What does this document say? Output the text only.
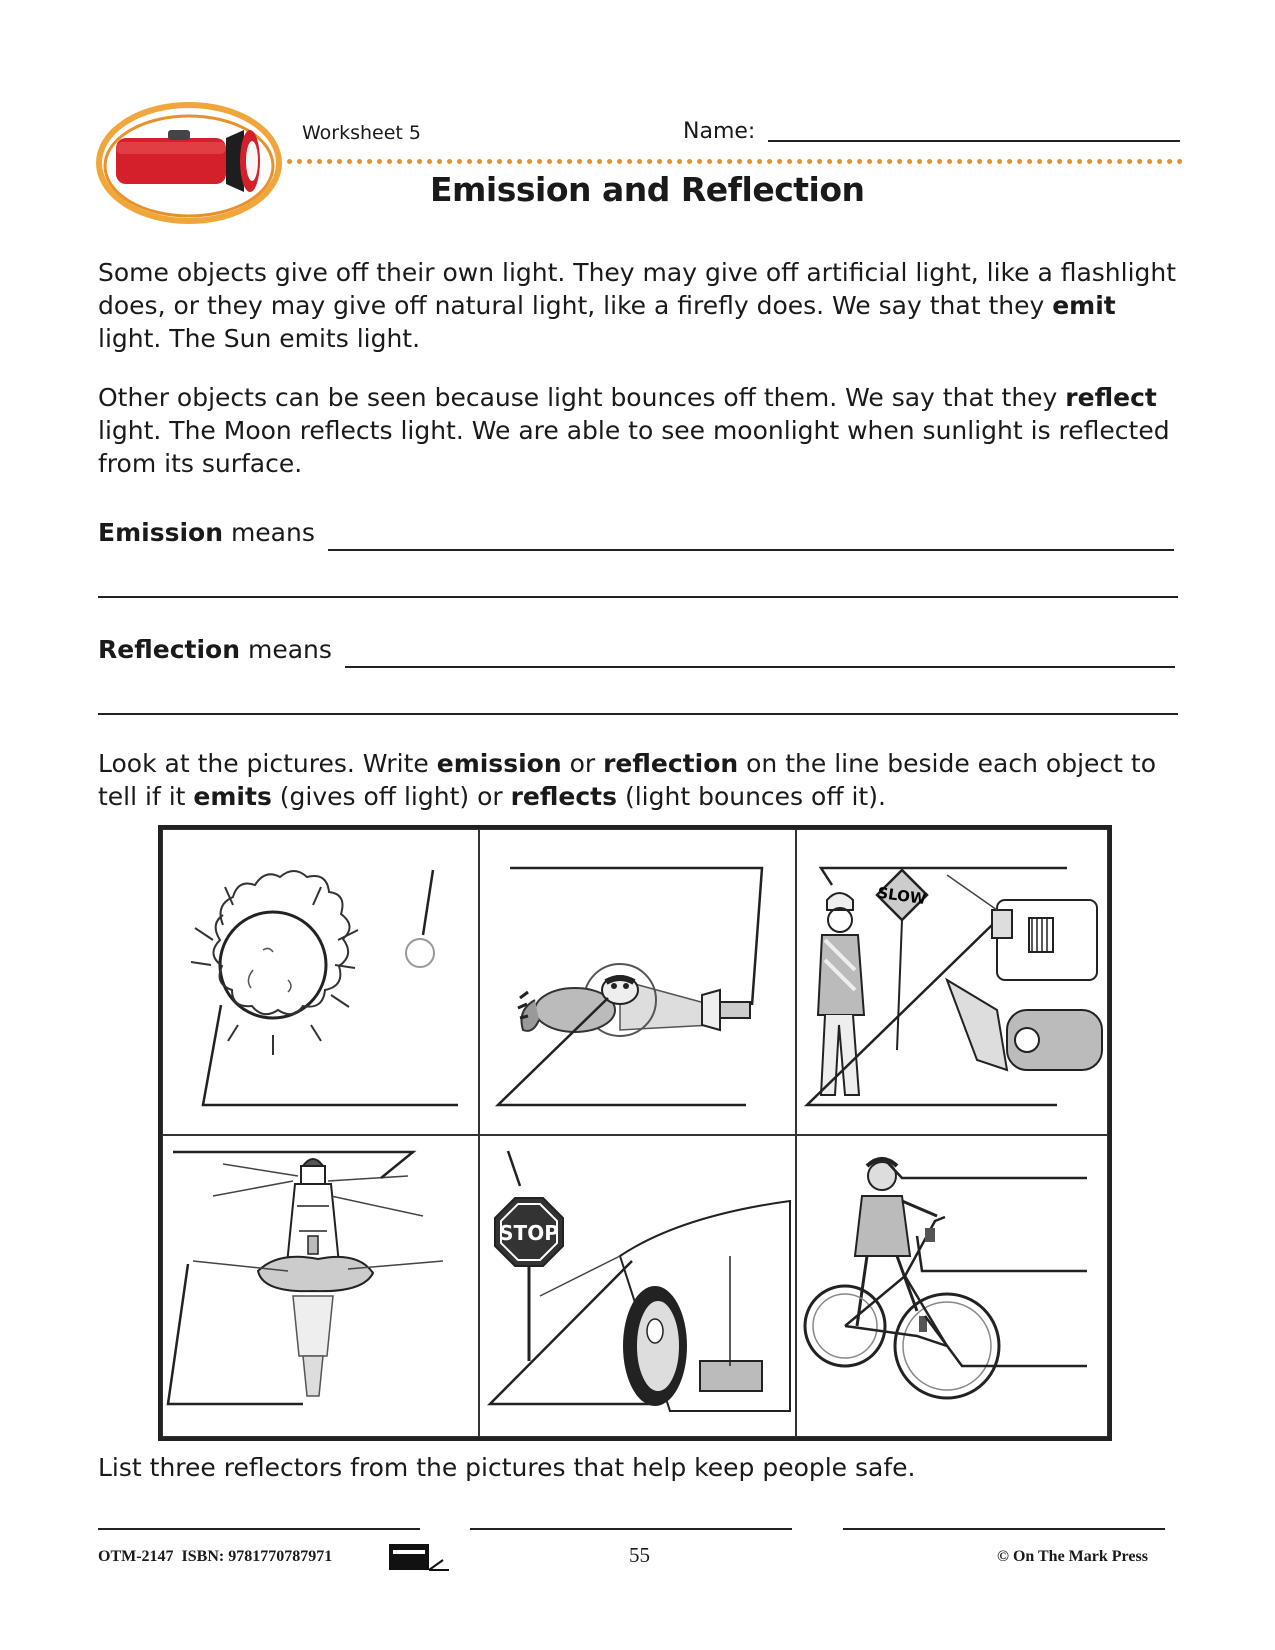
Worksheet 5	Name:
Emission and Reflection
Some objects give off their own light. They may give off artificial light, like a flashlight does, or they may give off natural light, like a firefly does. We say that they emit light. The Sun emits light.
Other objects can be seen because light bounces off them. We say that they reflect light. The Moon reflects light. We are able to see moonlight when sunlight is reflected from its surface.
Emission means
Reflection means
Look at the pictures. Write emission or reflection on the line beside each object to tell if it emits (gives off light) or reflects (light bounces off it).
SLOW
STOP
List three reflectors from the pictures that help keep people safe.
OTM-2147  ISBN: 9781770787971	55	© On The Mark Press
